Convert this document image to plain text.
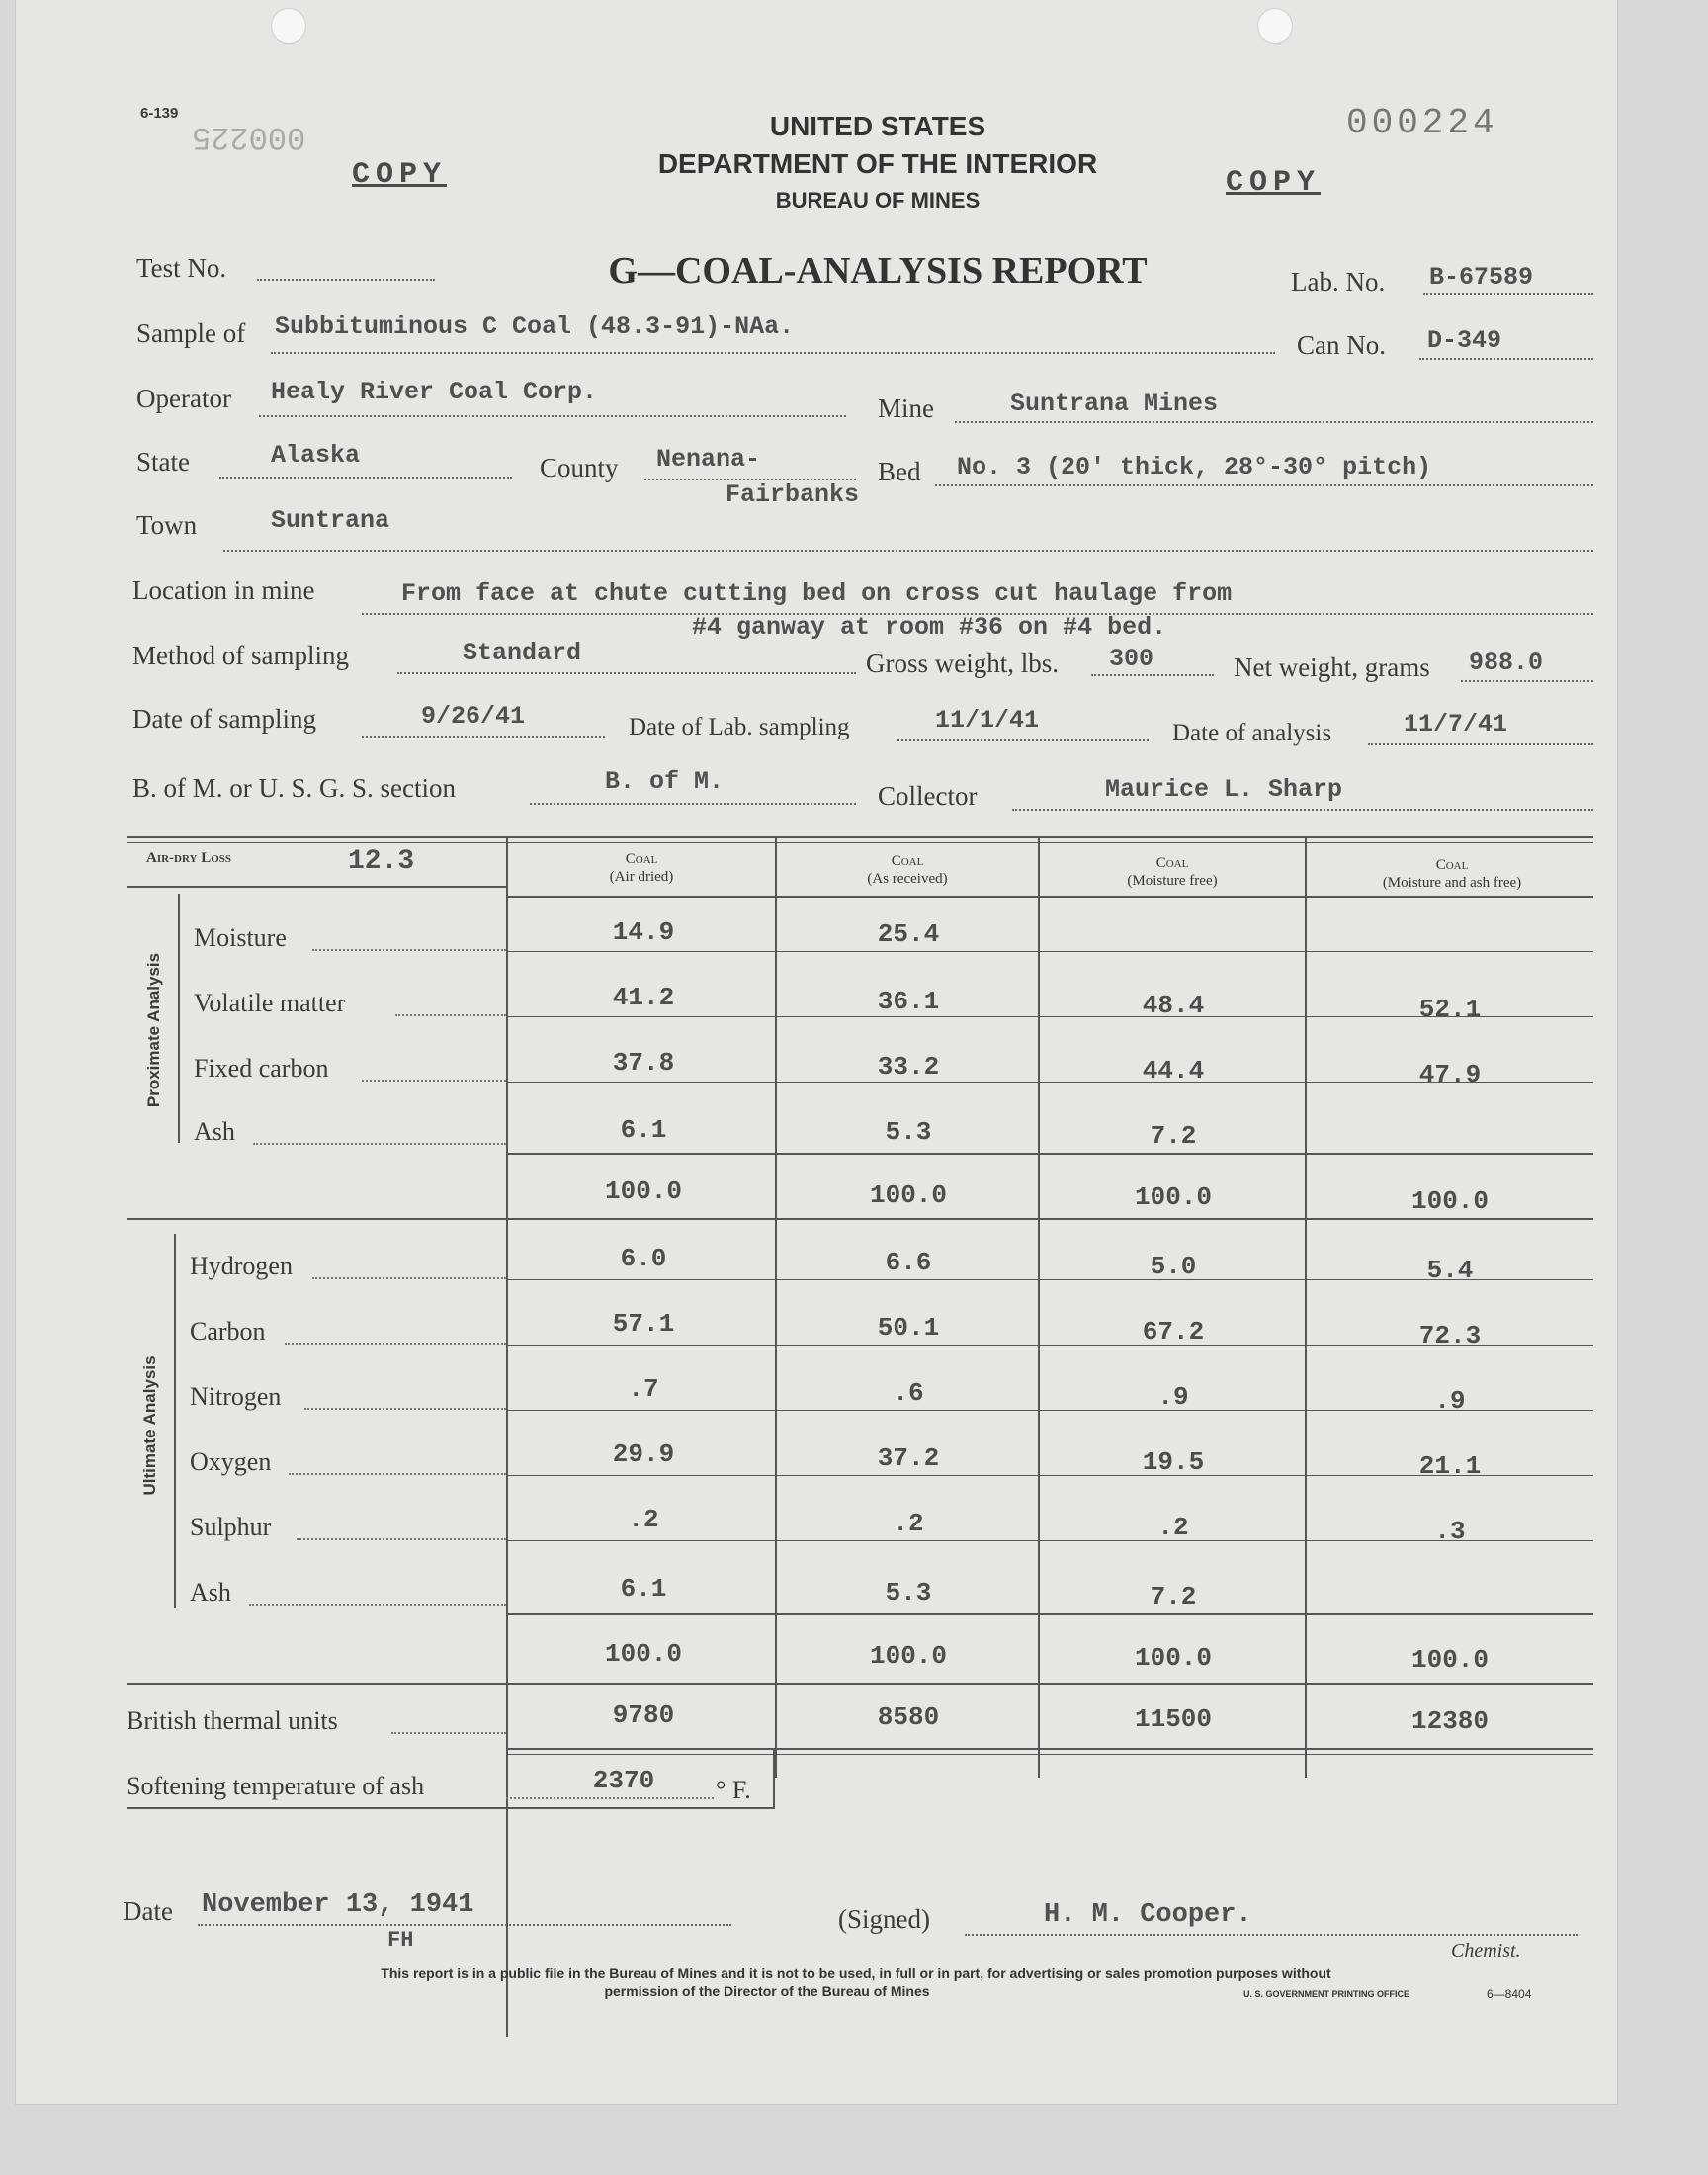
6-139
000225
COPY	COPY
000224
UNITED STATES
DEPARTMENT OF THE INTERIOR
BUREAU OF MINES
G—COAL-ANALYSIS REPORT
Test No.	Lab. No. B-67589
Sample of Subbituminous C Coal (48.3-91)-NAa.
Can No. D-349
Operator Healy River Coal Corp.
Mine	Suntrana Mines
State	Alaska	County Nenana-
Fairbanks
Bed No. 3 (20' thick, 28°-30° pitch)
Town	Suntrana
Location in mine	From face at chute cutting bed on cross cut haulage from
#4 ganway at room #36 on #4 bed.
Method of sampling	Standard	Gross weight, lbs. 300	Net weight, grams 988.0
Date of sampling	9/26/41	Date of Lab. sampling	11/1/41	Date of analysis	11/7/41
B. of M. or U. S. G. S. section	B. of M.	Collector	Maurice L. Sharp
Air-dry Loss	12.3	Coal
(Air dried)
Coal
(As received)
Coal
(Moisture free)
Coal
(Moisture and ash free)
Proximate Analysis
Ultimate Analysis
Moisture	14.9	25.4
Volatile matter	41.2	36.1	48.4	52.1
Fixed carbon	37.8	33.2	44.4	47.9
Ash	6.1	5.3	7.2
100.0	100.0	100.0	100.0
Hydrogen	6.0	6.6	5.0	5.4
Carbon	57.1	50.1	67.2	72.3
Nitrogen	.7	.6	.9	.9
Oxygen	29.9	37.2	19.5	21.1
Sulphur	.2	.2	.2	.3
Ash	6.1	5.3	7.2
100.0	100.0	100.0	100.0
British thermal units	9780	8580	11500	12380
Softening temperature of ash	2370	° F.
Date November 13, 1941
FH
(Signed)	H. M. Cooper.
Chemist.
This report is in a public file in the Bureau of Mines and it is not to be used, in full or in part, for advertising or sales promotion purposes without
permission of the Director of the Bureau of Mines	U. S. GOVERNMENT PRINTING OFFICE	6—8404
